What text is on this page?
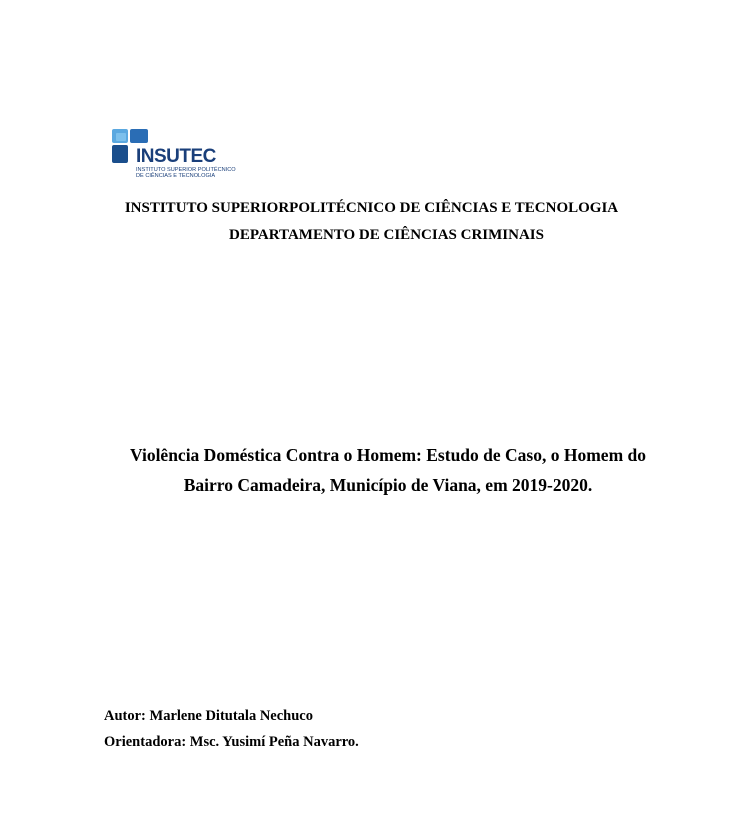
INSUTEC
INSTITUTO SUPERIOR POLITÉCNICO
DE CIÊNCIAS E TECNOLOGIA
INSTITUTO SUPERIORPOLITÉCNICO DE CIÊNCIAS E TECNOLOGIA
DEPARTAMENTO DE CIÊNCIAS CRIMINAIS
Violência Doméstica Contra o Homem: Estudo de Caso, o Homem do
Bairro Camadeira, Município de Viana, em 2019-2020.
Autor: Marlene Ditutala Nechuco
Orientadora: Msc. Yusimí Peña Navarro.
